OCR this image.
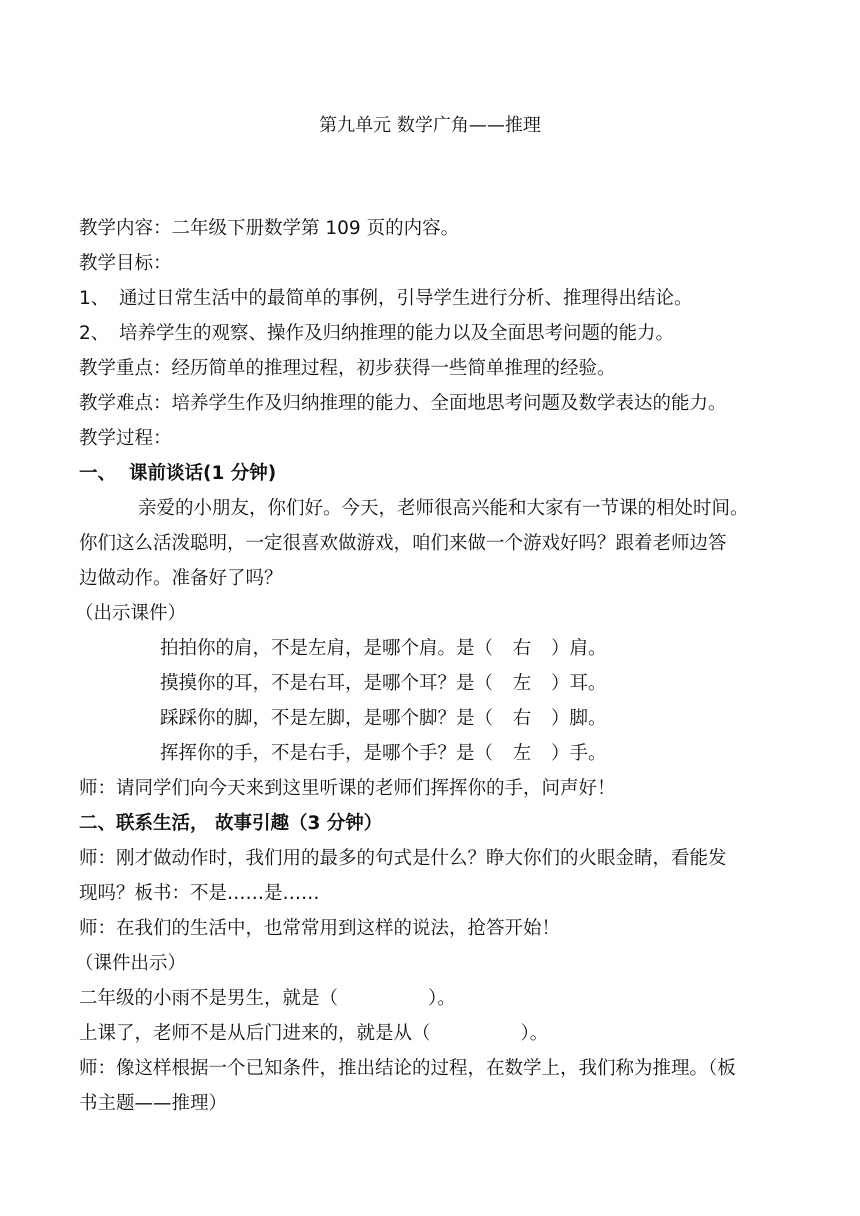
第九单元 数学广角——推理
教学内容：二年级下册数学第 109 页的内容。
教学目标：
1、 通过日常生活中的最简单的事例，引导学生进行分析、推理得出结论。
2、 培养学生的观察、操作及归纳推理的能力以及全面思考问题的能力。
教学重点：经历简单的推理过程，初步获得一些简单推理的经验。
教学难点：培养学生作及归纳推理的能力、全面地思考问题及数学表达的能力。
教学过程：
一、 课前谈话(1 分钟)
亲爱的小朋友，你们好。今天，老师很高兴能和大家有一节课的相处时间。
你们这么活泼聪明，一定很喜欢做游戏，咱们来做一个游戏好吗？跟着老师边答
边做动作。准备好了吗？
（出示课件）
拍拍你的肩，不是左肩，是哪个肩。是（ 右 ）肩。
摸摸你的耳，不是右耳，是哪个耳？是（ 左 ）耳。
踩踩你的脚，不是左脚，是哪个脚？是（ 右 ）脚。
挥挥你的手，不是右手，是哪个手？是（ 左 ）手。
师：请同学们向今天来到这里听课的老师们挥挥你的手，问声好！
二、联系生活， 故事引趣（3 分钟）
师：刚才做动作时，我们用的最多的句式是什么？睁大你们的火眼金睛，看能发
现吗？板书：不是……是……
师：在我们的生活中，也常常用到这样的说法，抢答开始！
（课件出示）
二年级的小雨不是男生，就是（	）。
上课了，老师不是从后门进来的，就是从（	）。
师：像这样根据一个已知条件，推出结论的过程，在数学上，我们称为推理。（板
书主题——推理）
